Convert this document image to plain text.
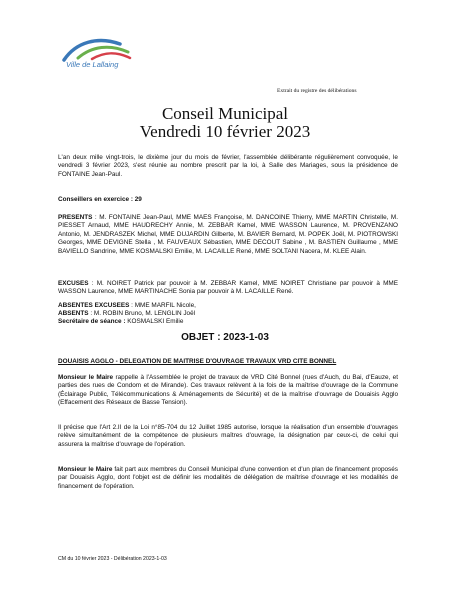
Ville de Lallaing
Extrait du registre des délibérations
Conseil Municipal
Vendredi 10 février 2023

L'an deux mille vingt-trois, le dixième jour du mois de février, l'assemblée délibérante régulièrement convoquée, le vendredi 3 février 2023, s'est réunie au nombre prescrit par la loi, à Salle des Mariages, sous la présidence de FONTAINE Jean-Paul.

Conseillers en exercice : 29

PRESENTS : M. FONTAINE Jean-Paul, MME MAES Françoise, M. DANCOINE Thierry, MME MARTIN Christelle, M. PIESSET Arnaud, MME HAUDRECHY Annie, M. ZEBBAR Kamel, MME WASSON Laurence, M. PROVENZANO Antonio, M. JENDRASZEK Michel, MME DUJARDIN Gilberte, M. BAVIER Bernard, M. POPEK Joël, M. PIOTROWSKI Georges, MME DEVIGNE Stella , M. FAUVEAUX Sébastien, MME DECOUT Sabine , M. BASTIEN Guillaume , MME BAVIELLO Sandrine, MME KOSMALSKI Emilie, M. LACAILLE René, MME SOLTANI Nacera, M. KLEE Alain.

EXCUSES : M. NOIRET Patrick par pouvoir à M. ZEBBAR Kamel, MME NOIRET Christiane par pouvoir à MME WASSON Laurence, MME MARTINACHE Sonia par pouvoir à M. LACAILLE René.

OBJET : 2023-1-03

DOUAISIS AGGLO - DELEGATION DE MAITRISE D'OUVRAGE TRAVAUX VRD CITE BONNEL

Monsieur le Maire rappelle à l'Assemblée le projet de travaux de VRD Cité Bonnel (rues d'Auch, du Bai, d'Eauze, et parties des rues de Condom et de Mirande). Ces travaux relèvent à la fois de la maîtrise d'ouvrage de la Commune (Éclairage Public, Télécommunications & Aménagements de Sécurité) et de la maîtrise d'ouvrage de Douaisis Agglo (Effacement des Réseaux de Basse Tension).

Il précise que l'Art 2.II de la Loi n°85-704 du 12 Juillet 1985 autorise, lorsque la réalisation d'un ensemble d'ouvrages relève simultanément de la compétence de plusieurs maîtres d'ouvrage, la désignation par ceux-ci, de celui qui assurera la maîtrise d'ouvrage de l'opération.

Monsieur le Maire fait part aux membres du Conseil Municipal d'une convention et d'un plan de financement proposés par Douaisis Agglo, dont l'objet est de définir les modalités de délégation de maîtrise d'ouvrage et les modalités de financement de l'opération.

CM du 10 février 2023 - Délibération 2023-1-03
ABSENTES EXCUSEES : MME MARFIL Nicole,
ABSENTS : M. ROBIN Bruno, M. LENGLIN Joël
Secrétaire de séance : KOSMALSKI Emilie
